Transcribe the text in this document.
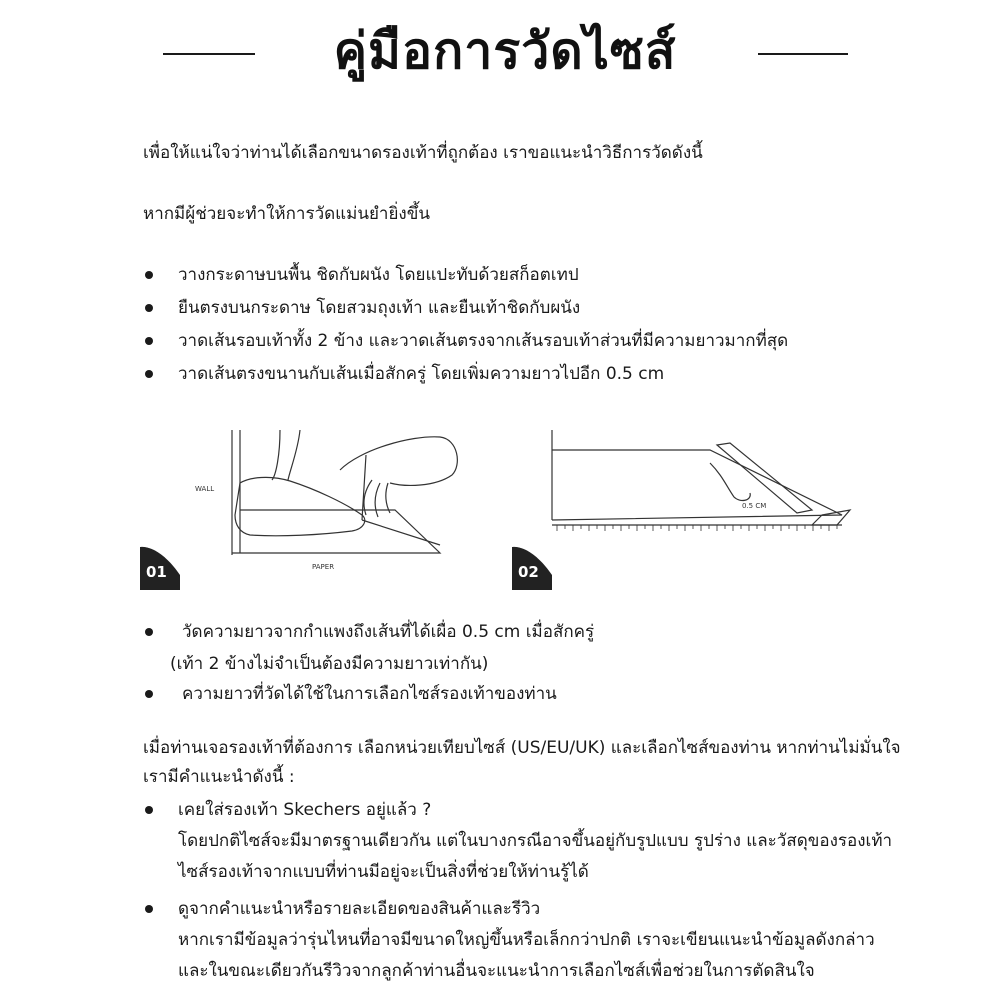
คู่มือการวัดไซส์
เพื่อให้แน่ใจว่าท่านได้เลือกขนาดรองเท้าที่ถูกต้อง เราขอแนะนำวิธีการวัดดังนี้
หากมีผู้ช่วยจะทำให้การวัดแม่นยำยิ่งขึ้น
วางกระดาษบนพื้น ชิดกับผนัง โดยแปะทับด้วยสก็อตเทป
ยืนตรงบนกระดาษ โดยสวมถุงเท้า และยืนเท้าชิดกับผนัง
วาดเส้นรอบเท้าทั้ง 2 ข้าง และวาดเส้นตรงจากเส้นรอบเท้าส่วนที่มีความยาวมากที่สุด
วาดเส้นตรงขนานกับเส้นเมื่อสักครู่ โดยเพิ่มความยาวไปอีก 0.5 cm
WALL
PAPER
01
0.5 CM
02
วัดความยาวจากกำแพงถึงเส้นที่ได้เผื่อ 0.5 cm เมื่อสักครู่
(เท้า 2 ข้างไม่จำเป็นต้องมีความยาวเท่ากัน)
ความยาวที่วัดได้ใช้ในการเลือกไซส์รองเท้าของท่าน
เมื่อท่านเจอรองเท้าที่ต้องการ เลือกหน่วยเทียบไซส์ (US/EU/UK) และเลือกไซส์ของท่าน หากท่านไม่มั่นใจ
เรามีคำแนะนำดังนี้ :
เคยใส่รองเท้า Skechers อยู่แล้ว ?
โดยปกติไซส์จะมีมาตรฐานเดียวกัน แต่ในบางกรณีอาจขึ้นอยู่กับรูปแบบ รูปร่าง และวัสดุของรองเท้า
ไซส์รองเท้าจากแบบที่ท่านมีอยู่จะเป็นสิ่งที่ช่วยให้ท่านรู้ได้
ดูจากคำแนะนำหรือรายละเอียดของสินค้าและรีวิว
หากเรามีข้อมูลว่ารุ่นไหนที่อาจมีขนาดใหญ่ขึ้นหรือเล็กกว่าปกติ เราจะเขียนแนะนำข้อมูลดังกล่าว
และในขณะเดียวกันรีวิวจากลูกค้าท่านอื่นจะแนะนำการเลือกไซส์เพื่อช่วยในการตัดสินใจ
